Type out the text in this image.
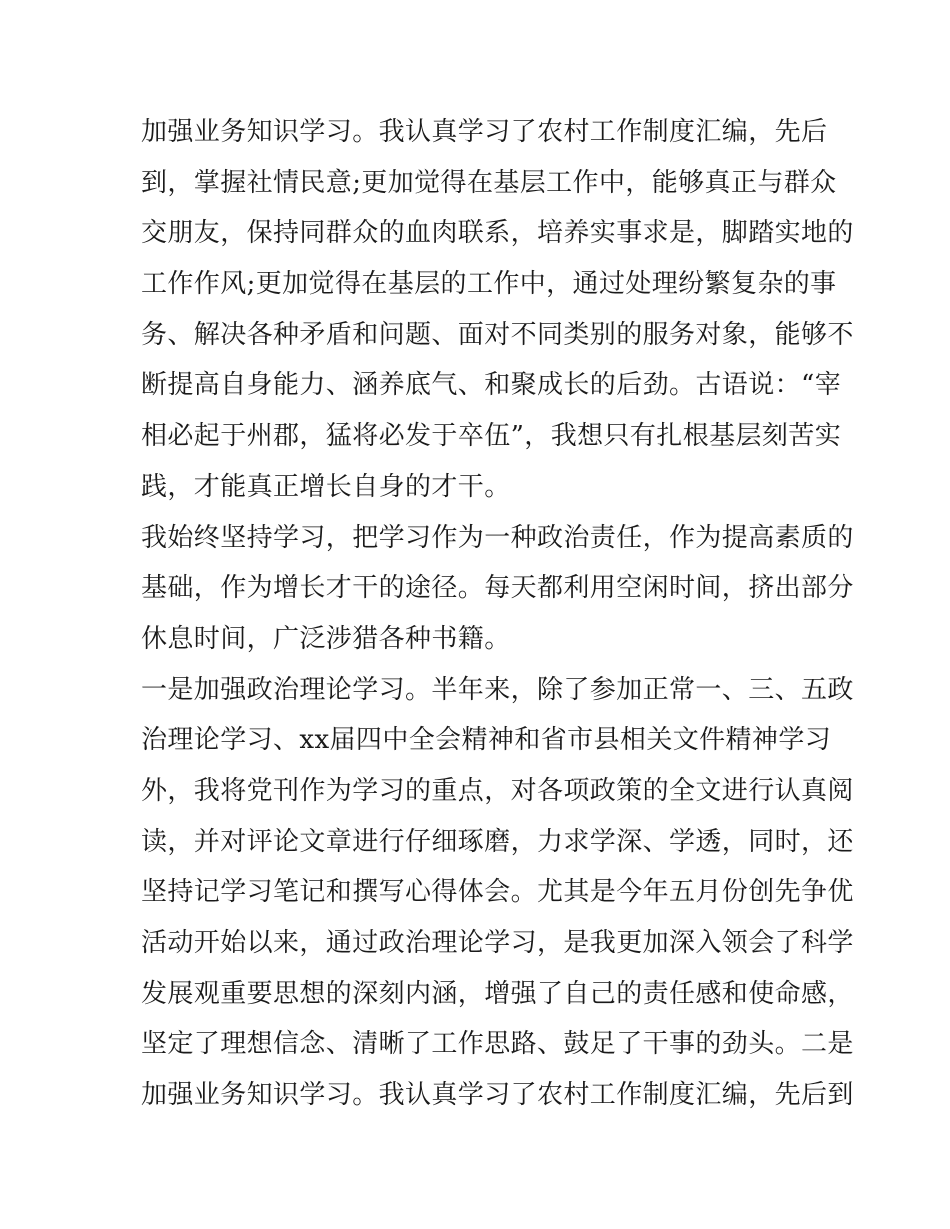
加强业务知识学习。我认真学习了农村工作制度汇编，先后
到，掌握社情民意;更加觉得在基层工作中，能够真正与群众
交朋友，保持同群众的血肉联系，培养实事求是，脚踏实地的
工作作风;更加觉得在基层的工作中，通过处理纷繁复杂的事
务、解决各种矛盾和问题、面对不同类别的服务对象，能够不
断提高自身能力、涵养底气、和聚成长的后劲。古语说：“宰
相必起于州郡，猛将必发于卒伍”，我想只有扎根基层刻苦实
践，才能真正增长自身的才干。
我始终坚持学习，把学习作为一种政治责任，作为提高素质的
基础，作为增长才干的途径。每天都利用空闲时间，挤出部分
休息时间，广泛涉猎各种书籍。
一是加强政治理论学习。半年来，除了参加正常一、三、五政
治理论学习、xx届四中全会精神和省市县相关文件精神学习
外，我将党刊作为学习的重点，对各项政策的全文进行认真阅
读，并对评论文章进行仔细琢磨，力求学深、学透，同时，还
坚持记学习笔记和撰写心得体会。尤其是今年五月份创先争优
活动开始以来，通过政治理论学习，是我更加深入领会了科学
发展观重要思想的深刻内涵，增强了自己的责任感和使命感，
坚定了理想信念、清晰了工作思路、鼓足了干事的劲头。二是
加强业务知识学习。我认真学习了农村工作制度汇编，先后到
